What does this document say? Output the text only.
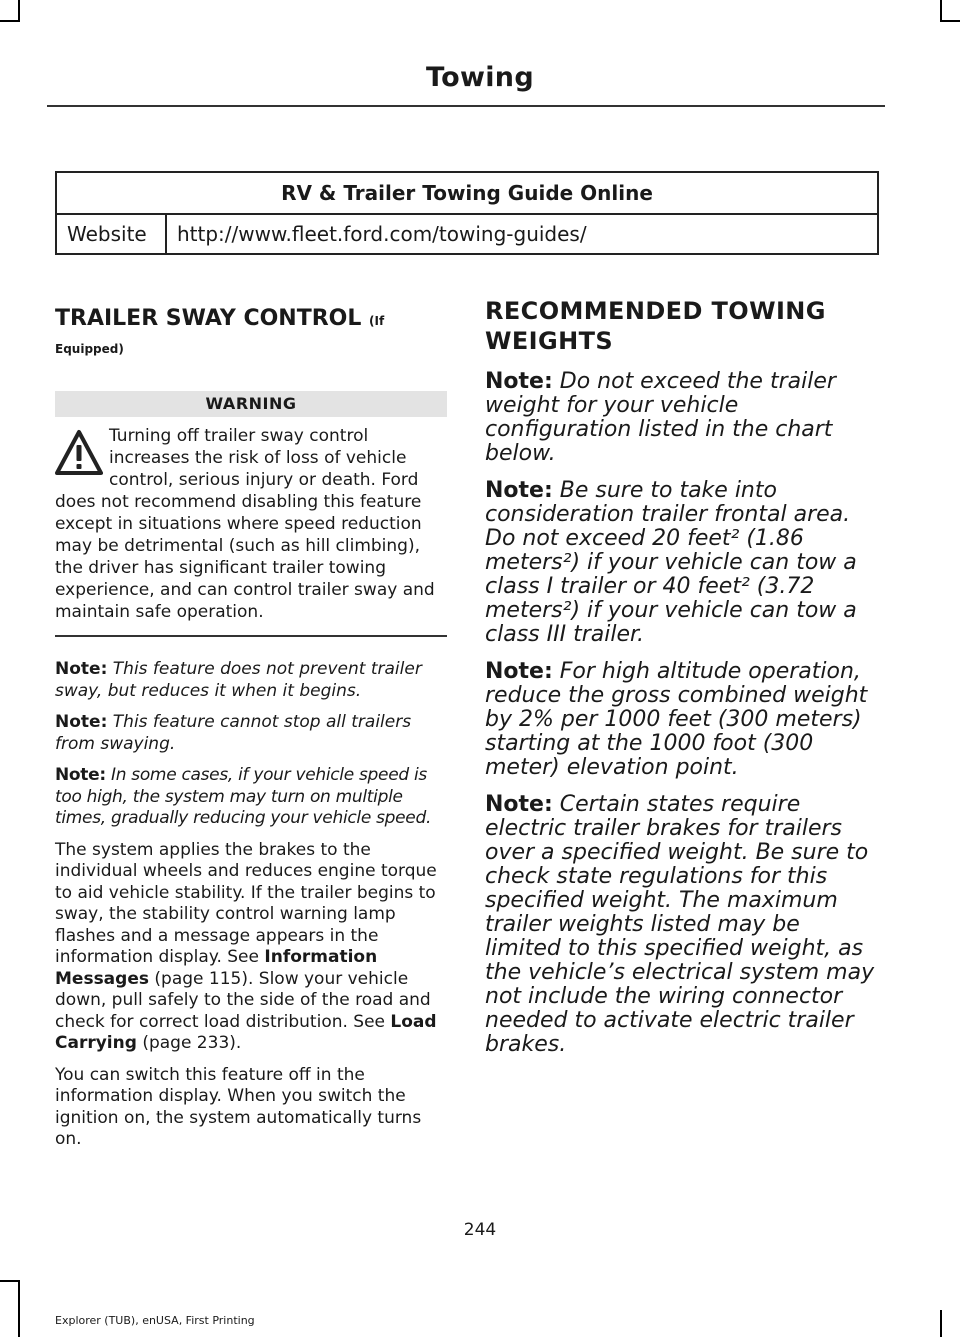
Towing
RV & Trailer Towing Guide Online
Website	http://www.fleet.ford.com/towing-guides/
TRAILER SWAY CONTROL (If
Equipped)
WARNING
Turning off trailer sway control increases the risk of loss of vehicle control, serious injury or death. Ford does not recommend disabling this feature except in situations where speed reduction may be detrimental (such as hill climbing), the driver has significant trailer towing experience, and can control trailer sway and maintain safe operation.

Note: This feature does not prevent trailer sway, but reduces it when it begins.

Note: This feature cannot stop all trailers from swaying.

Note: In some cases, if your vehicle speed is too high, the system may turn on multiple times, gradually reducing your vehicle speed.

The system applies the brakes to the individual wheels and reduces engine torque to aid vehicle stability. If the trailer begins to sway, the stability control warning lamp flashes and a message appears in the information display. See Information Messages (page 115). Slow your vehicle down, pull safely to the side of the road and check for correct load distribution. See Load Carrying (page 233).

You can switch this feature off in the information display. When you switch the ignition on, the system automatically turns on.

RECOMMENDED TOWING
WEIGHTS

Note: Do not exceed the trailer weight for your vehicle configuration listed in the chart below.

Note: Be sure to take into consideration trailer frontal area. Do not exceed 20 feet² (1.86 meters²) if your vehicle can tow a class I trailer or 40 feet² (3.72 meters²) if your vehicle can tow a class III trailer.

Note: For high altitude operation, reduce the gross combined weight by 2% per 1000 feet (300 meters) starting at the 1000 foot (300 meter) elevation point.

Note: Certain states require electric trailer brakes for trailers over a specified weight. Be sure to check state regulations for this specified weight. The maximum trailer weights listed may be limited to this specified weight, as the vehicle’s electrical system may not include the wiring connector needed to activate electric trailer brakes.

244
Explorer (TUB), enUSA, First Printing
